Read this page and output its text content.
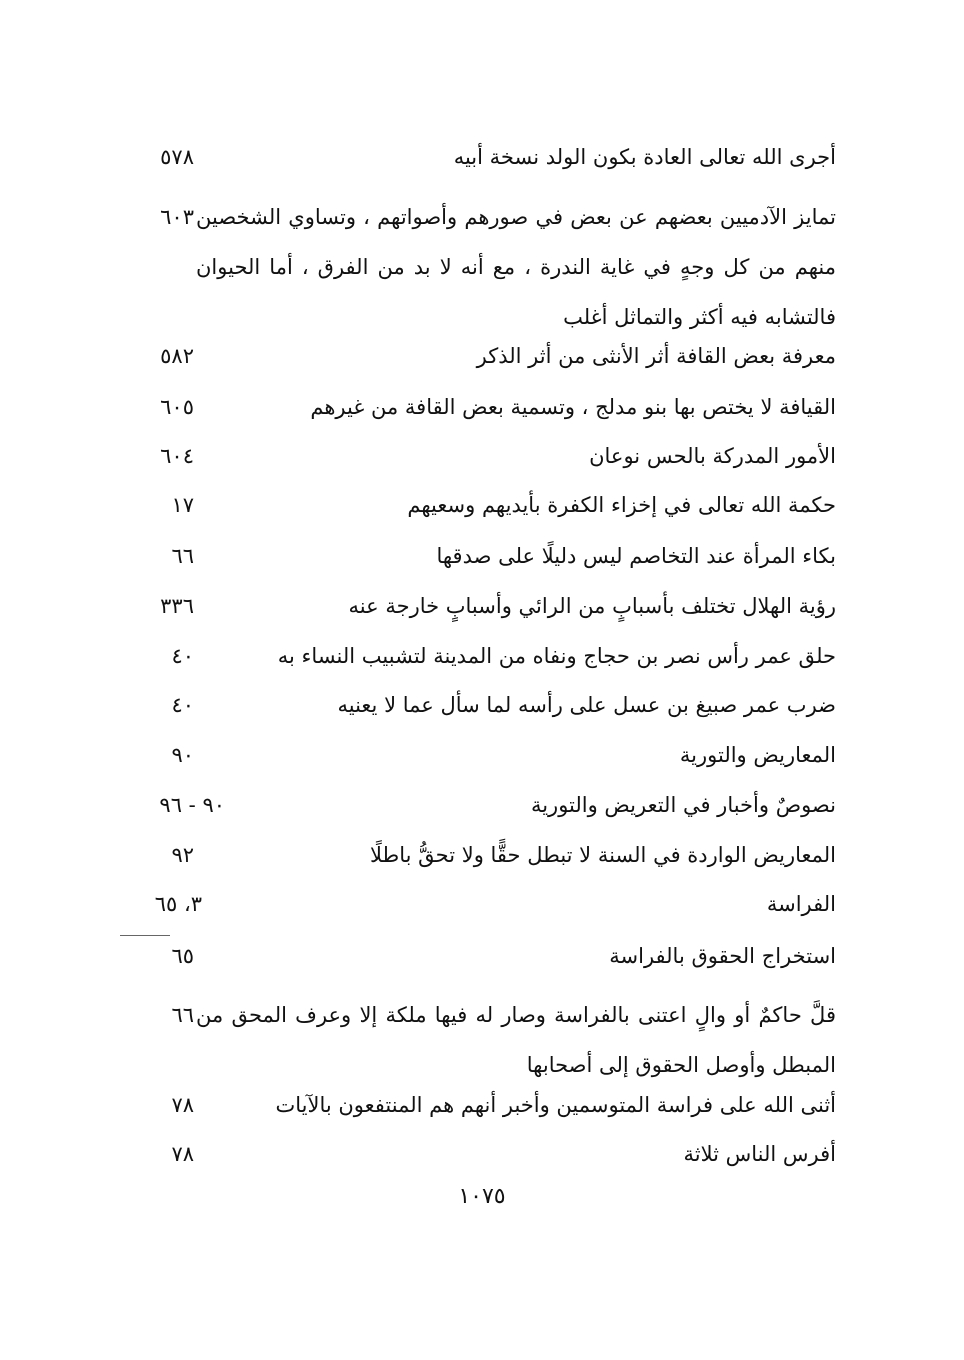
أجرى الله تعالى العادة بكون الولد نسخة أبيه
٥٧٨
تمايز الآدميين بعضهم عن بعض في صورهم وأصواتهم ، وتساوي الشخصين منهم من كل وجهٍ في غاية الندرة ، مع أنه لا بد من الفرق ، أما الحيوان فالتشابه فيه أكثر والتماثل أغلب
٦٠٣
معرفة بعض القافة أثر الأنثى من أثر الذكر
٥٨٢
القيافة لا يختص بها بنو مدلج ، وتسمية بعض القافة من غيرهم
٦٠٥
الأمور المدركة بالحس نوعان
٦٠٤
حكمة الله تعالى في إخزاء الكفرة بأيديهم وسعيهم
١٧
بكاء المرأة عند التخاصم ليس دليلًا على صدقها
٦٦
رؤية الهلال تختلف بأسبابٍ من الرائي وأسبابٍ خارجة عنه
٣٣٦
حلق عمر رأس نصر بن حجاج ونفاه من المدينة لتشبيب النساء به
٤٠
ضرب عمر صبيغ بن عسل على رأسه لما سأل عما لا يعنيه
٤٠
المعاريض والتورية
٩٠
نصوصٌ وأخبار في التعريض والتورية
٩٠ - ٩٦
المعاريض الواردة في السنة لا تبطل حقًّا ولا تحقُّ باطلًا
٩٢
الفراسة
٣، ٦٥
استخراج الحقوق بالفراسة
٦٥
قلَّ حاكمٌ أو والٍ اعتنى بالفراسة وصار له فيها ملكة إلا وعرف المحق من المبطل وأوصل الحقوق إلى أصحابها
٦٦
أثنى الله على فراسة المتوسمين وأخبر أنهم هم المنتفعون بالآيات
٧٨
أفرس الناس ثلاثة
٧٨
١٠٧٥
